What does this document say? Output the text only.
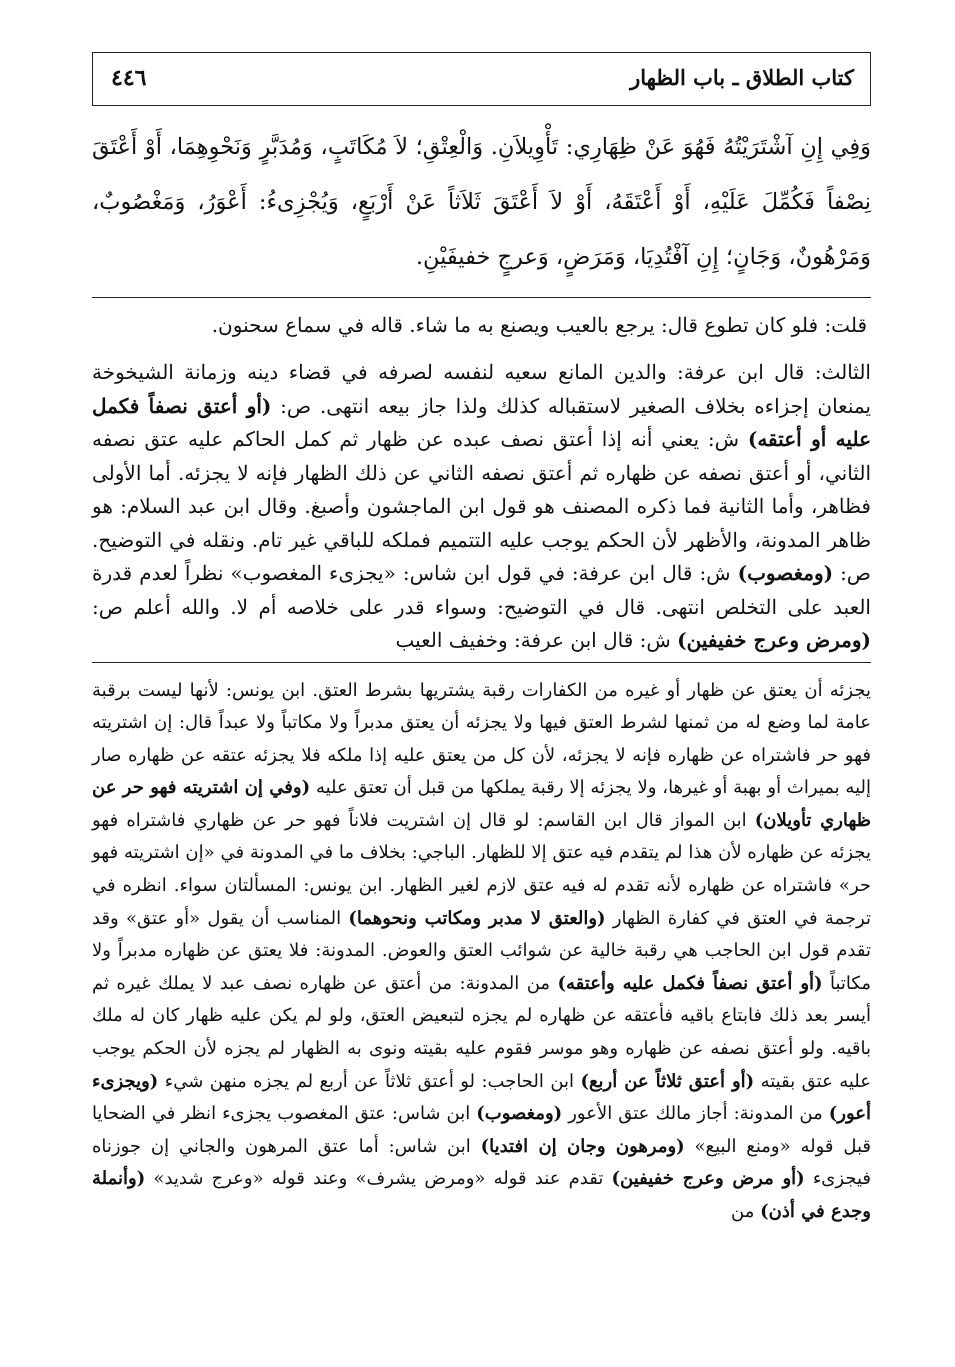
٤٤٦	كتاب الطلاق ـ باب الظهار
وَفِي إِنِ آشْتَرَيْتُهُ فَهُوَ عَنْ ظِهَارِي: تَأْوِيلاَنِ. وَالْعِتْقِ؛ لاَ مُكَاتَبٍ، وَمُدَبَّرٍ وَنَحْوِهِمَا، أَوْ أَعْتَقَ نِصْفاً فَكُمِّلَ عَلَيْهِ، أَوْ أَعْتَقَهُ، أَوْ لاَ أَعْتَقَ ثَلاَثاً عَنْ أَرْبَعٍ، وَيُجْزِىءُ: أَعْوَرُ، وَمَغْصُوبٌ، وَمَرْهُونٌ، وَجَانٍ؛ إِنِ آفْتُدِيَا، وَمَرَضٍ، وَعرجٍ خفيفَيْنِ.
قلت: فلو كان تطوع قال: يرجع بالعيب ويصنع به ما شاء. قاله في سماع سحنون.
الثالث: قال ابن عرفة: والدين المانع سعيه لنفسه لصرفه في قضاء دينه وزمانة الشيخوخة يمنعان إجزاءه بخلاف الصغير لاستقباله كذلك ولذا جاز بيعه انتهى. ص: (أو أعتق نصفاً فكمل عليه أو أعتقه) ش: يعني أنه إذا أعتق نصف عبده عن ظهار ثم كمل الحاكم عليه عتق نصفه الثاني، أو أعتق نصفه عن ظهاره ثم أعتق نصفه الثاني عن ذلك الظهار فإنه لا يجزئه. أما الأولى فظاهر، وأما الثانية فما ذكره المصنف هو قول ابن الماجشون وأصبغ. وقال ابن عبد السلام: هو ظاهر المدونة، والأظهر لأن الحكم يوجب عليه التتميم فملكه للباقي غير تام. ونقله في التوضيح. ص: (ومغصوب) ش: قال ابن عرفة: في قول ابن شاس: «يجزىء المغصوب» نظراً لعدم قدرة العبد على التخلص انتهى. قال في التوضيح: وسواء قدر على خلاصه أم لا. والله أعلم ص: (ومرض وعرج خفيفين) ش: قال ابن عرفة: وخفيف العيب
يجزئه أن يعتق عن ظهار أو غيره من الكفارات رقبة يشتريها بشرط العتق. ابن يونس: لأنها ليست برقبة عامة لما وضع له من ثمنها لشرط العتق فيها ولا يجزئه أن يعتق مدبراً ولا مكاتباً ولا عبداً قال: إن اشتريته فهو حر فاشتراه عن ظهاره فإنه لا يجزئه، لأن كل من يعتق عليه إذا ملكه فلا يجزئه عتقه عن ظهاره صار إليه بميراث أو بهبة أو غيرها، ولا يجزئه إلا رقبة يملكها من قبل أن تعتق عليه (وفي إن اشتريته فهو حر عن ظهاري تأويلان) ابن المواز قال ابن القاسم: لو قال إن اشتريت فلاناً فهو حر عن ظهاري فاشتراه فهو يجزئه عن ظهاره لأن هذا لم يتقدم فيه عتق إلا للظهار. الباجي: بخلاف ما في المدونة في «إن اشتريته فهو حر» فاشتراه عن ظهاره لأنه تقدم له فيه عتق لازم لغير الظهار. ابن يونس: المسألتان سواء. انظره في ترجمة في العتق في كفارة الظهار (والعتق لا مدبر ومكاتب ونحوهما) المناسب أن يقول «أو عتق» وقد تقدم قول ابن الحاجب هي رقبة خالية عن شوائب العتق والعوض. المدونة: فلا يعتق عن ظهاره مدبراً ولا مكاتباً (أو أعتق نصفاً فكمل عليه وأعتقه) من المدونة: من أعتق عن ظهاره نصف عبد لا يملك غيره ثم أيسر بعد ذلك فابتاع باقيه فأعتقه عن ظهاره لم يجزه لتبعيض العتق، ولو لم يكن عليه ظهار كان له ملك باقيه. ولو أعتق نصفه عن ظهاره وهو موسر فقوم عليه بقيته ونوى به الظهار لم يجزه لأن الحكم يوجب عليه عتق بقيته (أو أعتق ثلاثاً عن أربع) ابن الحاجب: لو أعتق ثلاثاً عن أربع لم يجزه منهن شيء (ويجزىء أعور) من المدونة: أجاز مالك عتق الأعور (ومغصوب) ابن شاس: عتق المغصوب يجزىء انظر في الضحايا قبل قوله «ومنع البيع» (ومرهون وجان إن افتديا) ابن شاس: أما عتق المرهون والجاني إن جوزناه فيجزىء (أو مرض وعرج خفيفين) تقدم عند قوله «ومرض يشرف» وعند قوله «وعرج شديد» (وأنملة وجدع في أذن) من
